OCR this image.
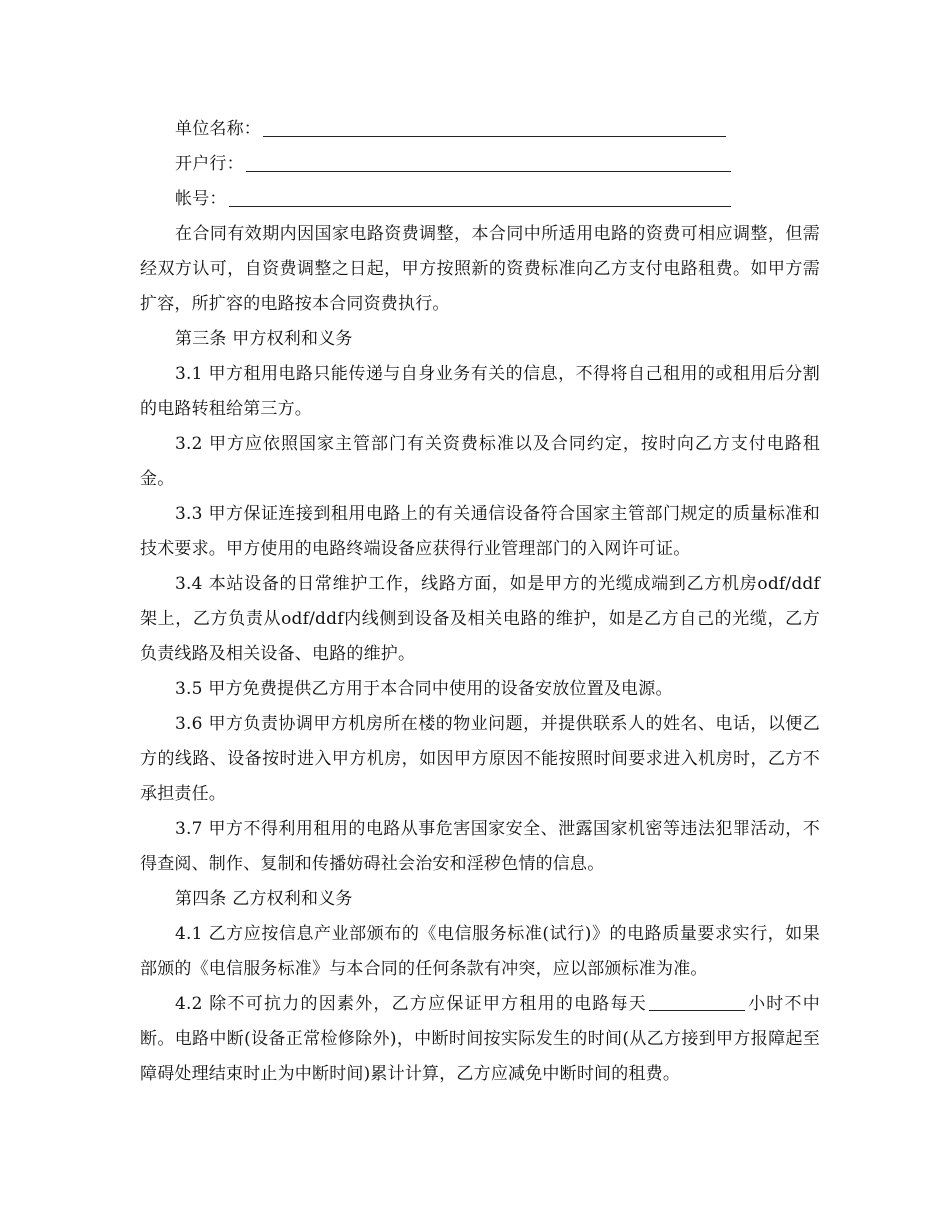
单位名称：
开户行：
帐号：

在合同有效期内因国家电路资费调整，本合同中所适用电路的资费可相应调整，但需经双方认可，自资费调整之日起，甲方按照新的资费标准向乙方支付电路租费。如甲方需扩容，所扩容的电路按本合同资费执行。

第三条 甲方权利和义务

3.1 甲方租用电路只能传递与自身业务有关的信息，不得将自己租用的或租用后分割的电路转租给第三方。

3.2 甲方应依照国家主管部门有关资费标准以及合同约定，按时向乙方支付电路租金。

3.3 甲方保证连接到租用电路上的有关通信设备符合国家主管部门规定的质量标准和技术要求。甲方使用的电路终端设备应获得行业管理部门的入网许可证。

3.4 本站设备的日常维护工作，线路方面，如是甲方的光缆成端到乙方机房odf/ddf架上，乙方负责从odf/ddf内线侧到设备及相关电路的维护，如是乙方自己的光缆，乙方负责线路及相关设备、电路的维护。

3.5 甲方免费提供乙方用于本合同中使用的设备安放位置及电源。

3.6 甲方负责协调甲方机房所在楼的物业问题，并提供联系人的姓名、电话，以便乙方的线路、设备按时进入甲方机房，如因甲方原因不能按照时间要求进入机房时，乙方不承担责任。

3.7 甲方不得利用租用的电路从事危害国家安全、泄露国家机密等违法犯罪活动，不得查阅、制作、复制和传播妨碍社会治安和淫秽色情的信息。

第四条 乙方权利和义务

4.1 乙方应按信息产业部颁布的《电信服务标准(试行)》的电路质量要求实行，如果部颁的《电信服务标准》与本合同的任何条款有冲突，应以部颁标准为准。

4.2 除不可抗力的因素外，乙方应保证甲方租用的电路每天	小时不中断。电路中断(设备正常检修除外)，中断时间按实际发生的时间(从乙方接到甲方报障起至障碍处理结束时止为中断时间)累计计算，乙方应减免中断时间的租费。
